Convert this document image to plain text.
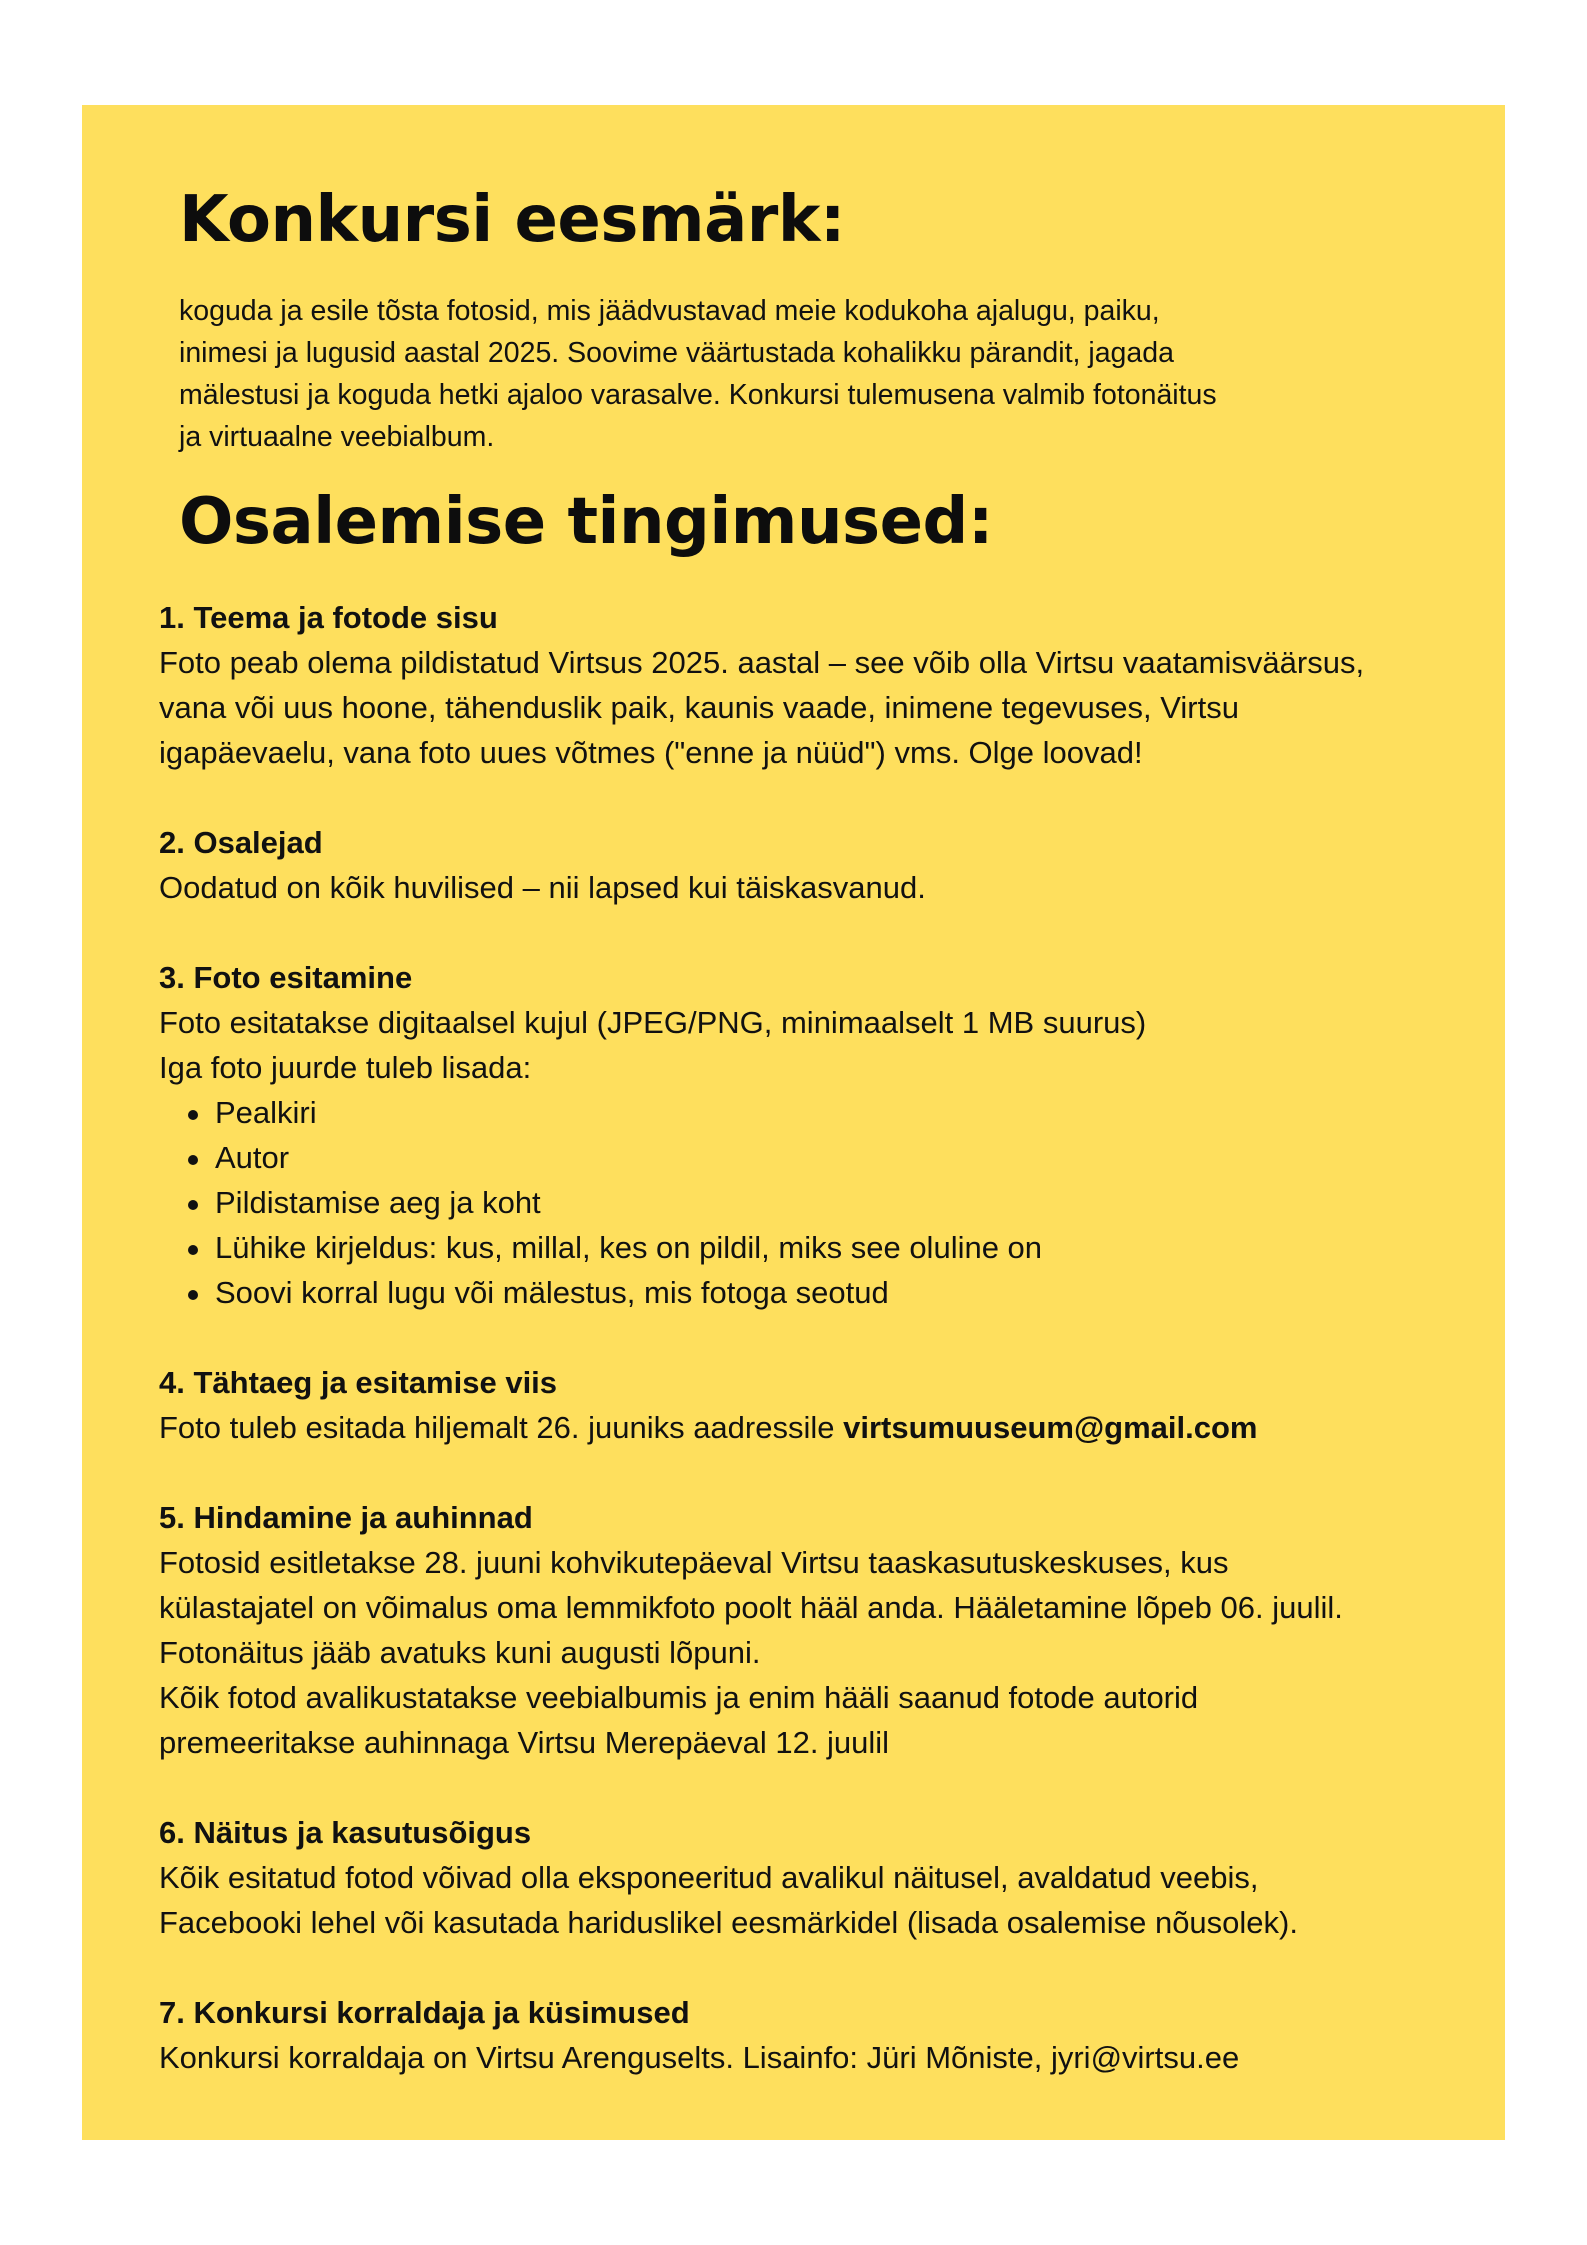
Konkursi eesmärk:

koguda ja esile tõsta fotosid, mis jäädvustavad meie kodukoha ajalugu, paiku,
inimesi ja lugusid aastal 2025. Soovime väärtustada kohalikku pärandit, jagada
mälestusi ja koguda hetki ajaloo varasalve. Konkursi tulemusena valmib fotonäitus
ja virtuaalne veebialbum.

Osalemise tingimused:
1. Teema ja fotode sisu
Foto peab olema pildistatud Virtsus 2025. aastal – see võib olla Virtsu vaatamisväärsus,
vana või uus hoone, tähenduslik paik, kaunis vaade, inimene tegevuses, Virtsu
igapäevaelu, vana foto uues võtmes ("enne ja nüüd") vms. Olge loovad!
2. Osalejad
Oodatud on kõik huvilised – nii lapsed kui täiskasvanud.
3. Foto esitamine
Foto esitatakse digitaalsel kujul (JPEG/PNG, minimaalselt 1 MB suurus)
Iga foto juurde tuleb lisada:
Pealkiri
Autor
Pildistamise aeg ja koht
Lühike kirjeldus: kus, millal, kes on pildil, miks see oluline on
Soovi korral lugu või mälestus, mis fotoga seotud
4. Tähtaeg ja esitamise viis
Foto tuleb esitada hiljemalt 26. juuniks aadressile virtsumuuseum@gmail.com
5. Hindamine ja auhinnad
Fotosid esitletakse 28. juuni kohvikutepäeval Virtsu taaskasutuskeskuses, kus
külastajatel on võimalus oma lemmikfoto poolt hääl anda. Hääletamine lõpeb 06. juulil.
Fotonäitus jääb avatuks kuni augusti lõpuni.
Kõik fotod avalikustatakse veebialbumis ja enim hääli saanud fotode autorid
premeeritakse auhinnaga Virtsu Merepäeval 12. juulil
6. Näitus ja kasutusõigus
Kõik esitatud fotod võivad olla eksponeeritud avalikul näitusel, avaldatud veebis,
Facebooki lehel või kasutada hariduslikel eesmärkidel (lisada osalemise nõusolek).
7. Konkursi korraldaja ja küsimused
Konkursi korraldaja on Virtsu Arenguselts. Lisainfo: Jüri Mõniste, jyri@virtsu.ee
